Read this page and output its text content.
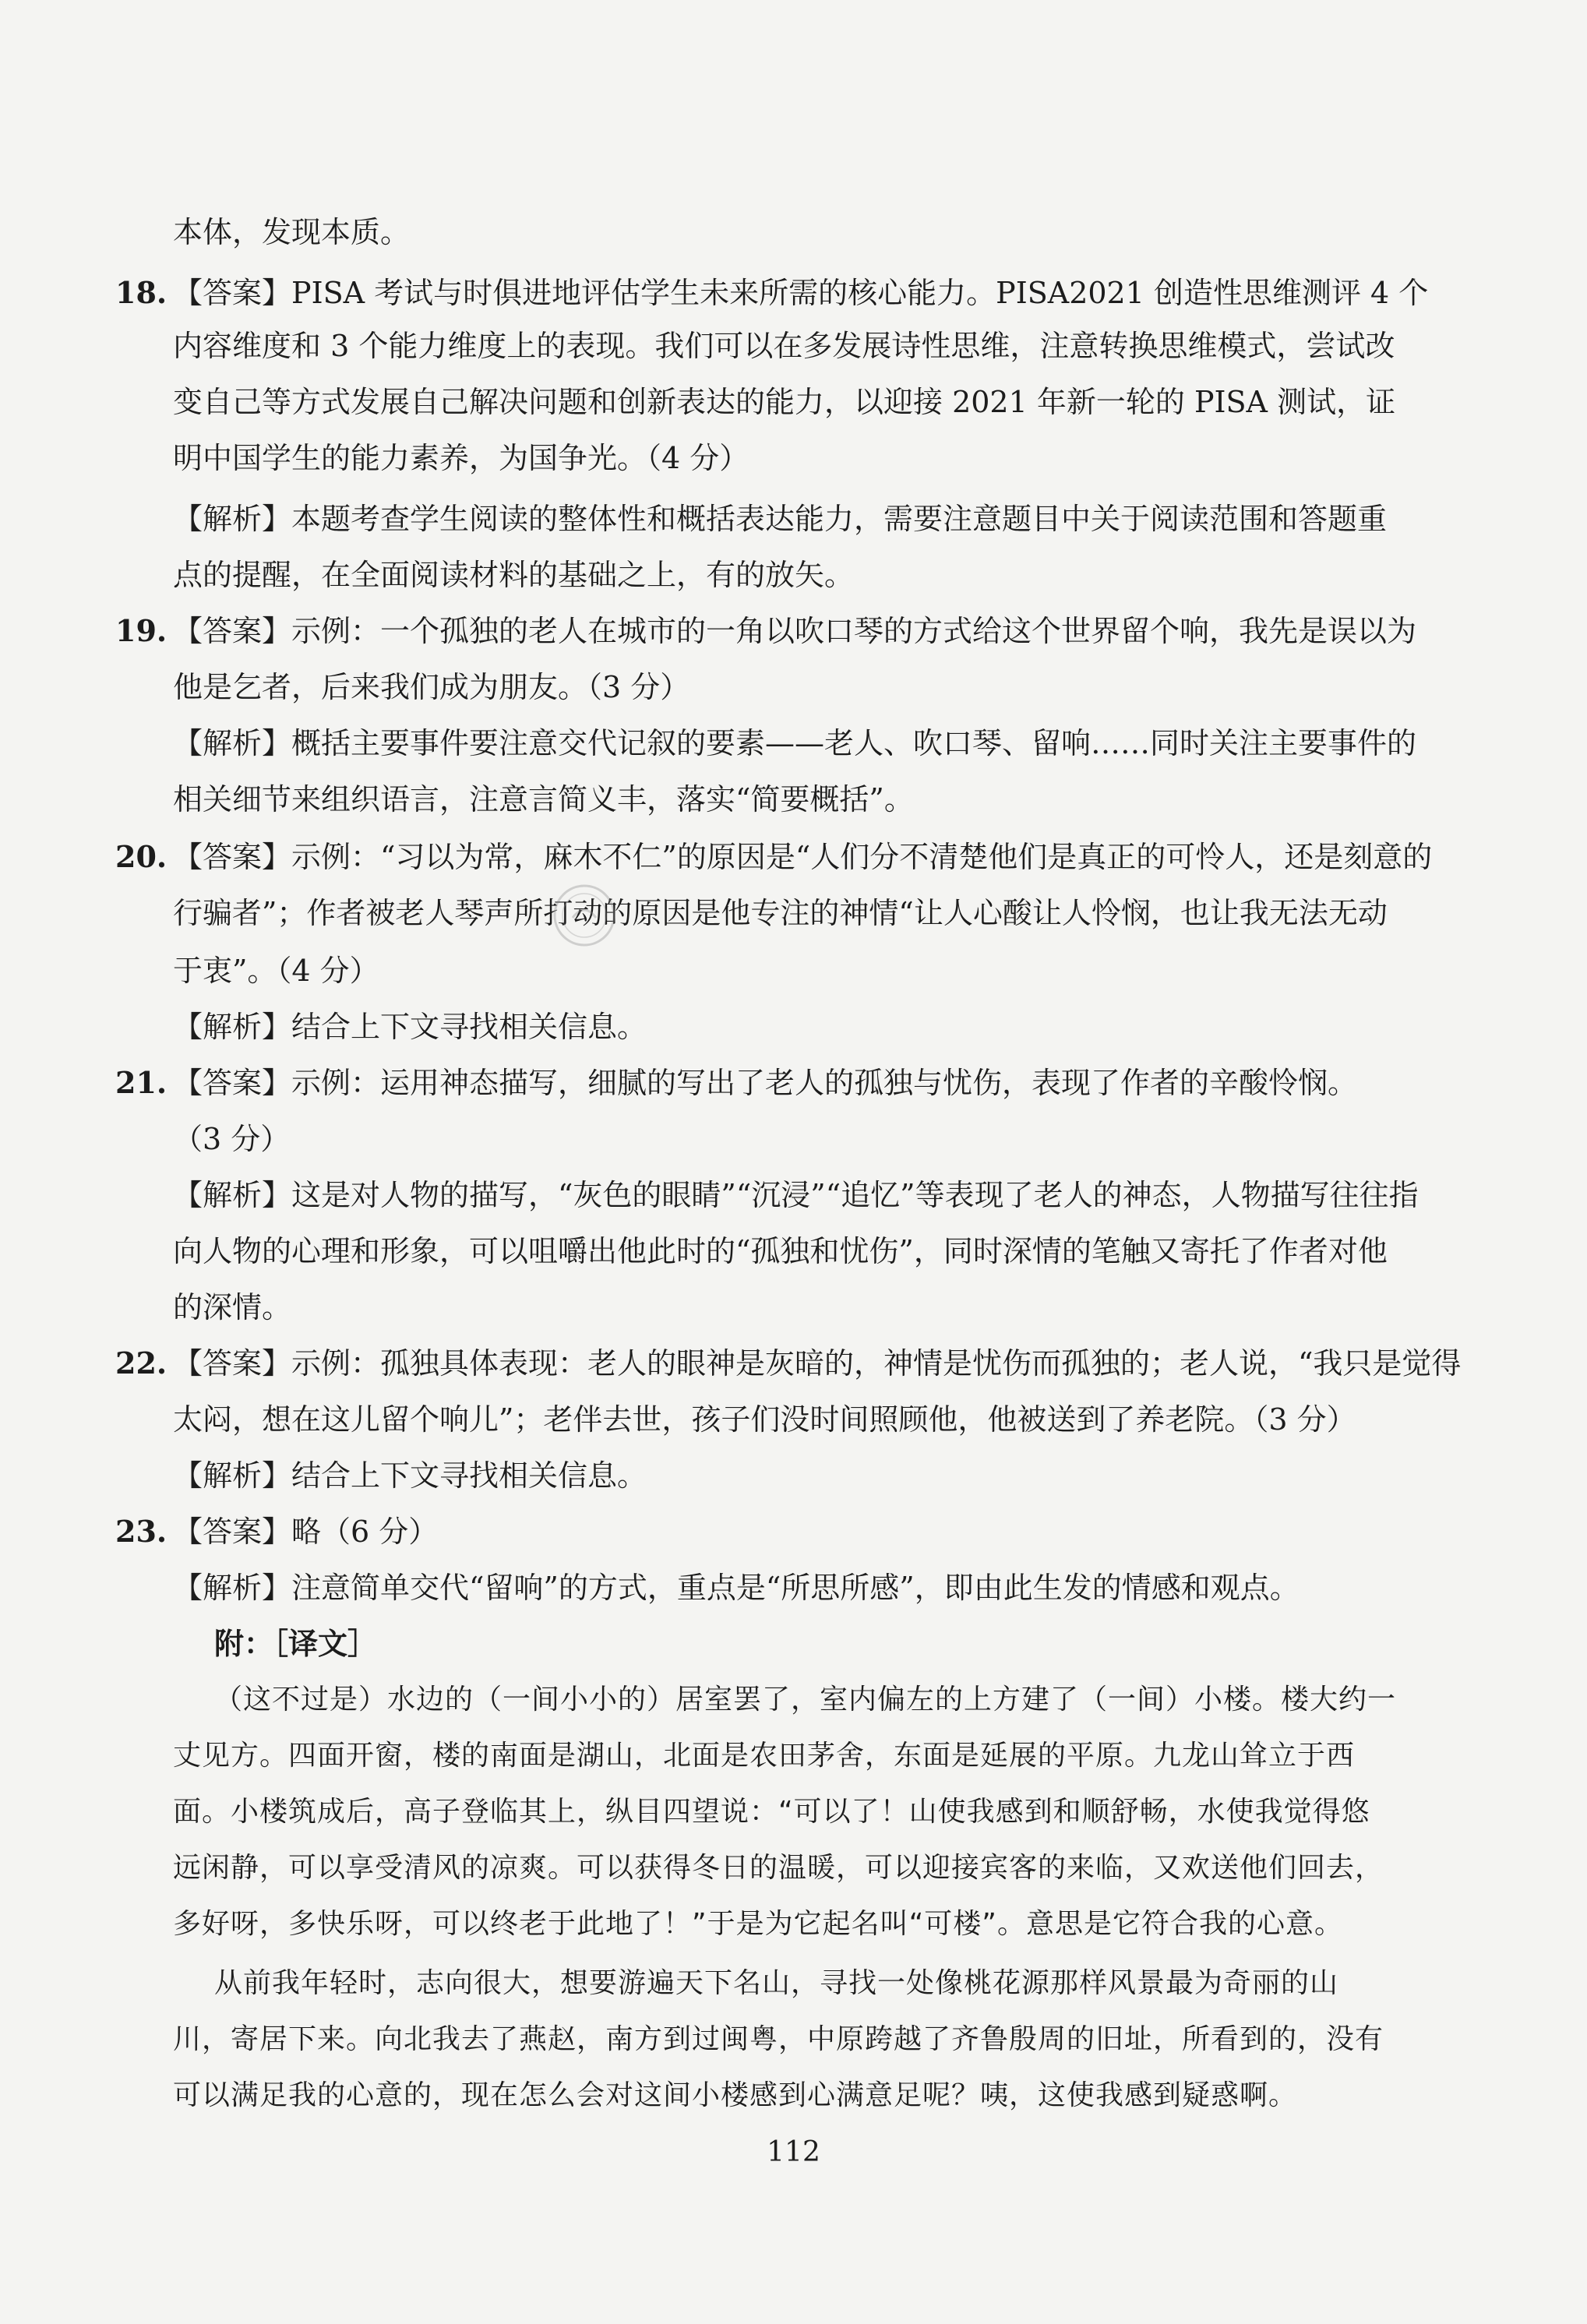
本体，发现本质。
18. 【答案】PISA 考试与时俱进地评估学生未来所需的核心能力。PISA2021 创造性思维测评 4 个
内容维度和 3 个能力维度上的表现。我们可以在多发展诗性思维，注意转换思维模式，尝试改
变自己等方式发展自己解决问题和创新表达的能力，以迎接 2021 年新一轮的 PISA 测试，证
明中国学生的能力素养，为国争光。（4 分）
【解析】本题考查学生阅读的整体性和概括表达能力，需要注意题目中关于阅读范围和答题重
点的提醒，在全面阅读材料的基础之上，有的放矢。
19. 【答案】示例：一个孤独的老人在城市的一角以吹口琴的方式给这个世界留个响，我先是误以为
他是乞者，后来我们成为朋友。（3 分）
【解析】概括主要事件要注意交代记叙的要素——老人、吹口琴、留响……同时关注主要事件的
相关细节来组织语言，注意言简义丰，落实“简要概括”。
20. 【答案】示例：“习以为常，麻木不仁”的原因是“人们分不清楚他们是真正的可怜人，还是刻意的
行骗者”；作者被老人琴声所打动的原因是他专注的神情“让人心酸让人怜悯，也让我无法无动
于衷”。（4 分）
【解析】结合上下文寻找相关信息。
21. 【答案】示例：运用神态描写，细腻的写出了老人的孤独与忧伤，表现了作者的辛酸怜悯。
（3 分）
【解析】这是对人物的描写，“灰色的眼睛”“沉浸”“追忆”等表现了老人的神态，人物描写往往指
向人物的心理和形象，可以咀嚼出他此时的“孤独和忧伤”，同时深情的笔触又寄托了作者对他
的深情。
22. 【答案】示例：孤独具体表现：老人的眼神是灰暗的，神情是忧伤而孤独的；老人说，“我只是觉得
太闷，想在这儿留个响儿”；老伴去世，孩子们没时间照顾他，他被送到了养老院。（3 分）
【解析】结合上下文寻找相关信息。
23. 【答案】略（6 分）
【解析】注意简单交代“留响”的方式，重点是“所思所感”，即由此生发的情感和观点。
附：［译文］
（这不过是）水边的（一间小小的）居室罢了，室内偏左的上方建了（一间）小楼。楼大约一
丈见方。四面开窗，楼的南面是湖山，北面是农田茅舍，东面是延展的平原。九龙山耸立于西
面。小楼筑成后，高子登临其上，纵目四望说：“可以了！山使我感到和顺舒畅，水使我觉得悠
远闲静，可以享受清风的凉爽。可以获得冬日的温暖，可以迎接宾客的来临，又欢送他们回去，
多好呀，多快乐呀，可以终老于此地了！”于是为它起名叫“可楼”。意思是它符合我的心意。
从前我年轻时，志向很大，想要游遍天下名山，寻找一处像桃花源那样风景最为奇丽的山
川，寄居下来。向北我去了燕赵，南方到过闽粤，中原跨越了齐鲁殷周的旧址，所看到的，没有
可以满足我的心意的，现在怎么会对这间小楼感到心满意足呢？咦，这使我感到疑惑啊。
112
